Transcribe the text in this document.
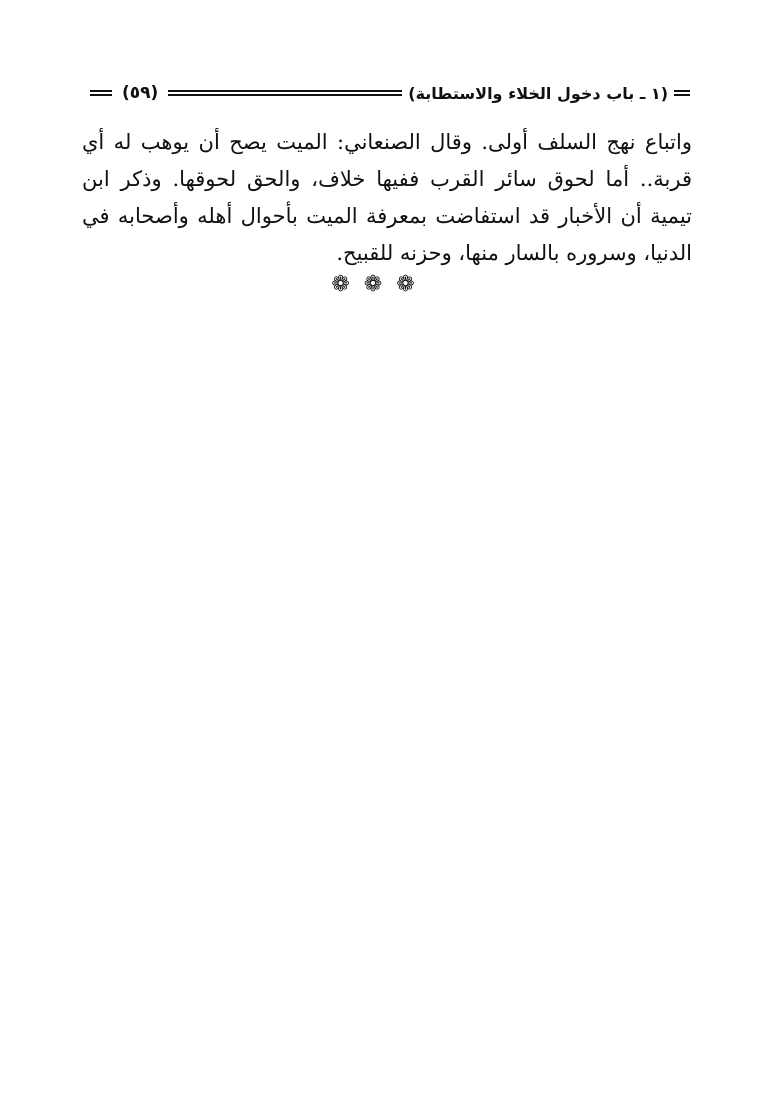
(١ ـ باب دخول الخلاء والاستطابة)
(٥٩)

واتباع نهج السلف أولى. وقال الصنعاني: الميت يصح أن يوهب له أي قربة.. أما لحوق سائر القرب ففيها خلاف، والحق لحوقها. وذكر ابن تيمية أن الأخبار قد استفاضت بمعرفة الميت بأحوال أهله وأصحابه في الدنيا، وسروره بالسار منها، وحزنه للقبيح.

❁❁❁
